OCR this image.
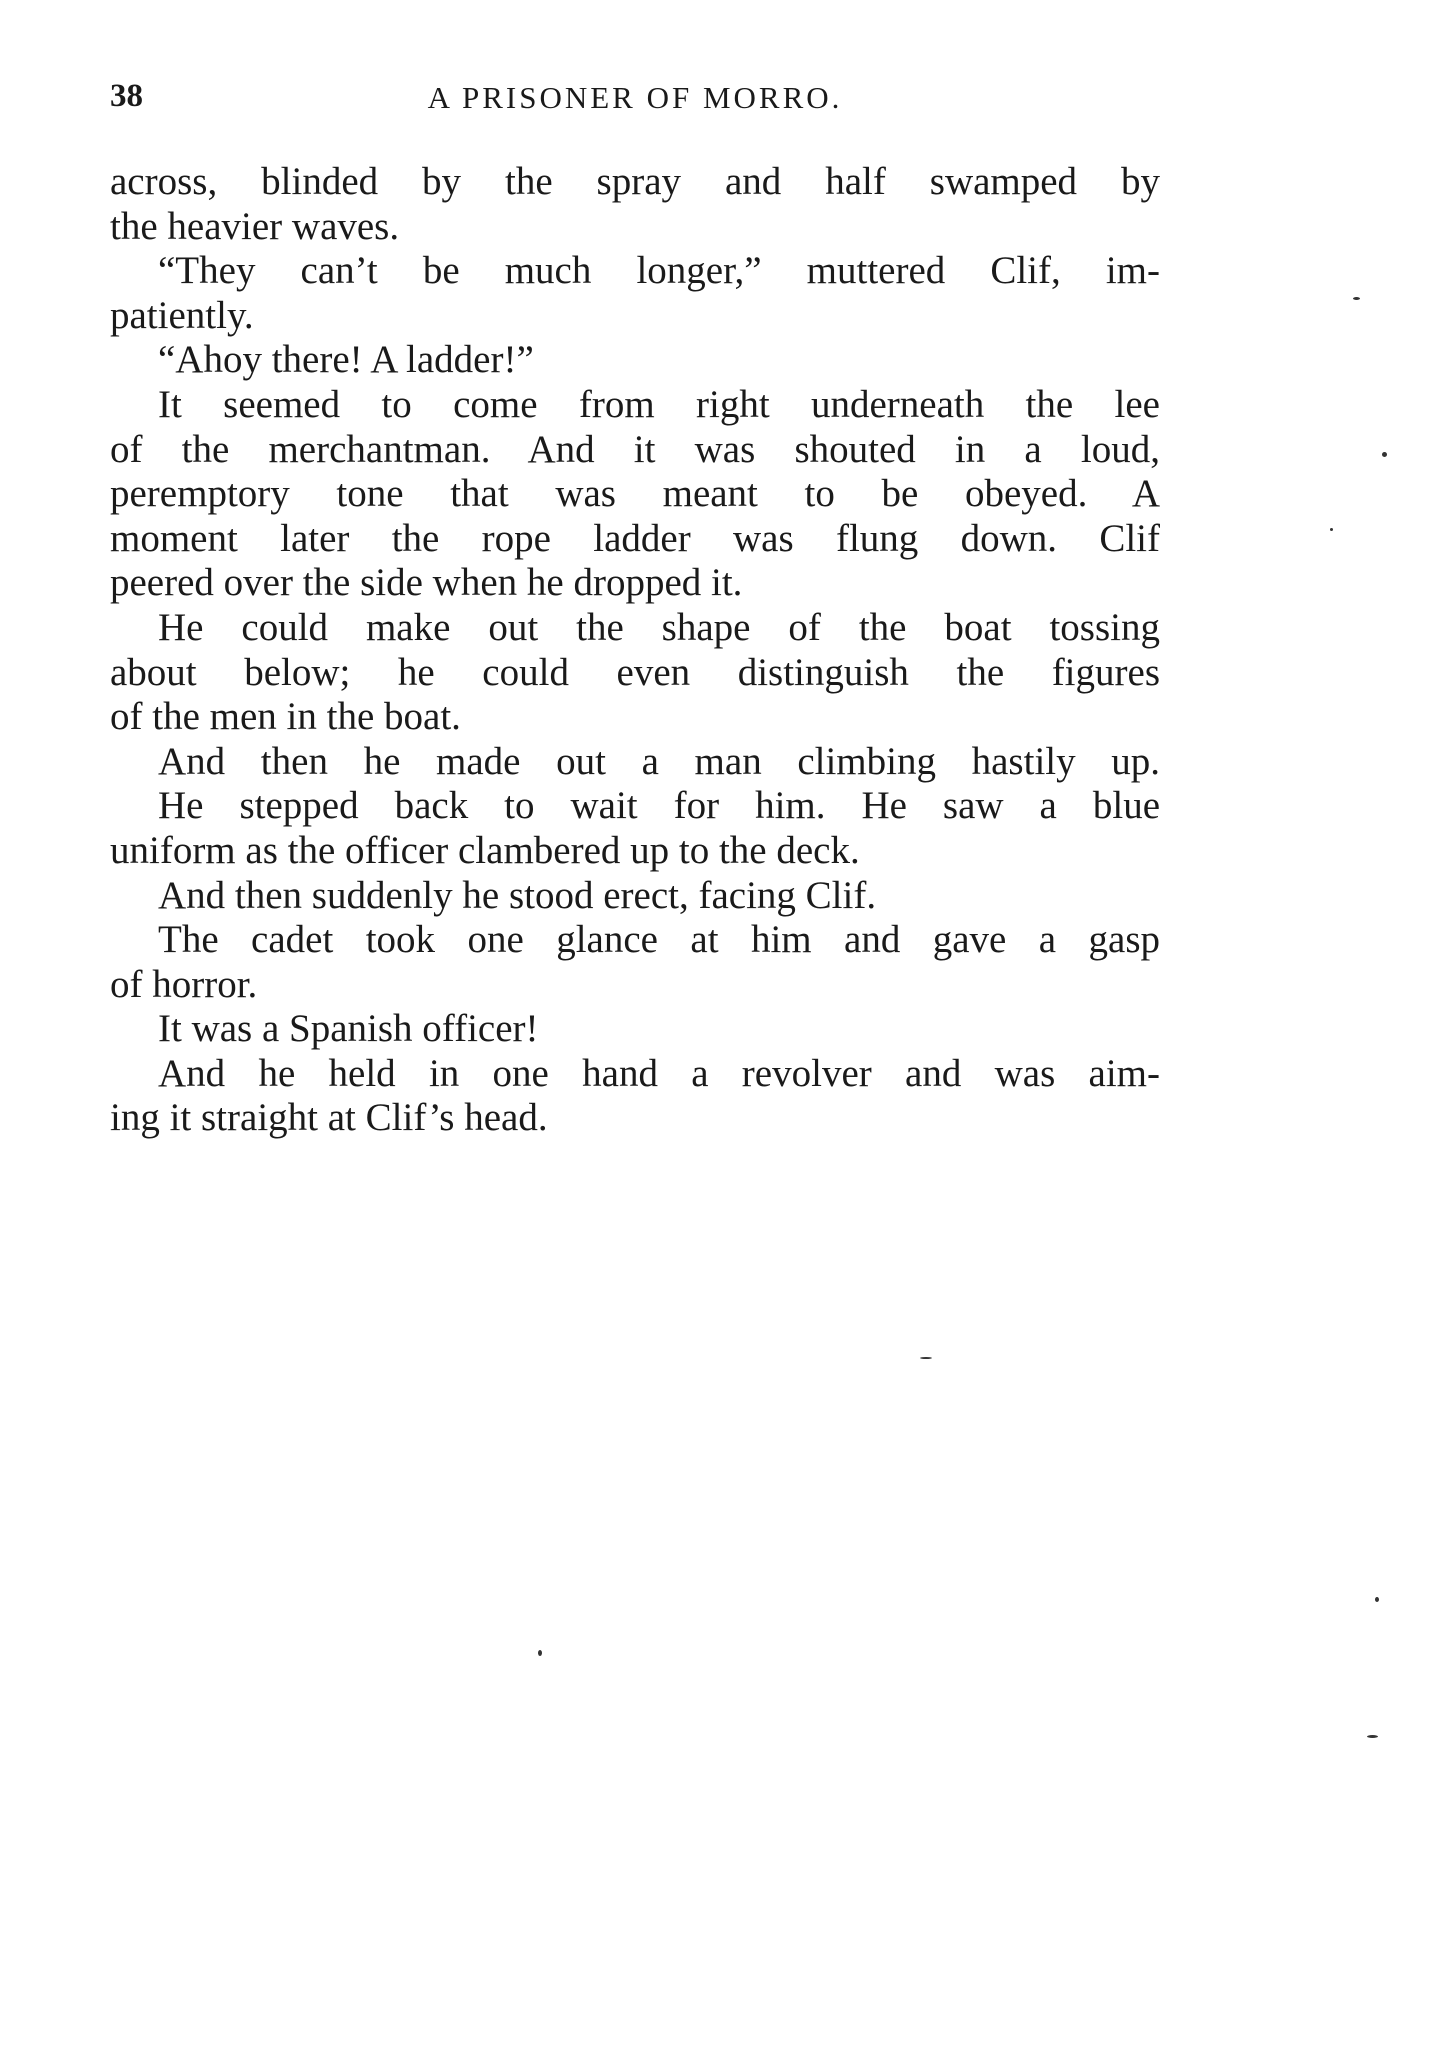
38	A PRISONER OF MORRO.
across, blinded by the spray and half swamped by
the heavier waves.
“They can’t be much longer,” muttered Clif, im-
patiently.
“Ahoy there! A ladder!”
It seemed to come from right underneath the lee
of the merchantman. And it was shouted in a loud,
peremptory tone that was meant to be obeyed. A
moment later the rope ladder was flung down. Clif
peered over the side when he dropped it.
He could make out the shape of the boat tossing
about below; he could even distinguish the figures
of the men in the boat.
And then he made out a man climbing hastily up.
He stepped back to wait for him. He saw a blue
uniform as the officer clambered up to the deck.
And then suddenly he stood erect, facing Clif.
The cadet took one glance at him and gave a gasp
of horror.
It was a Spanish officer!
And he held in one hand a revolver and was aim-
ing it straight at Clif’s head.
